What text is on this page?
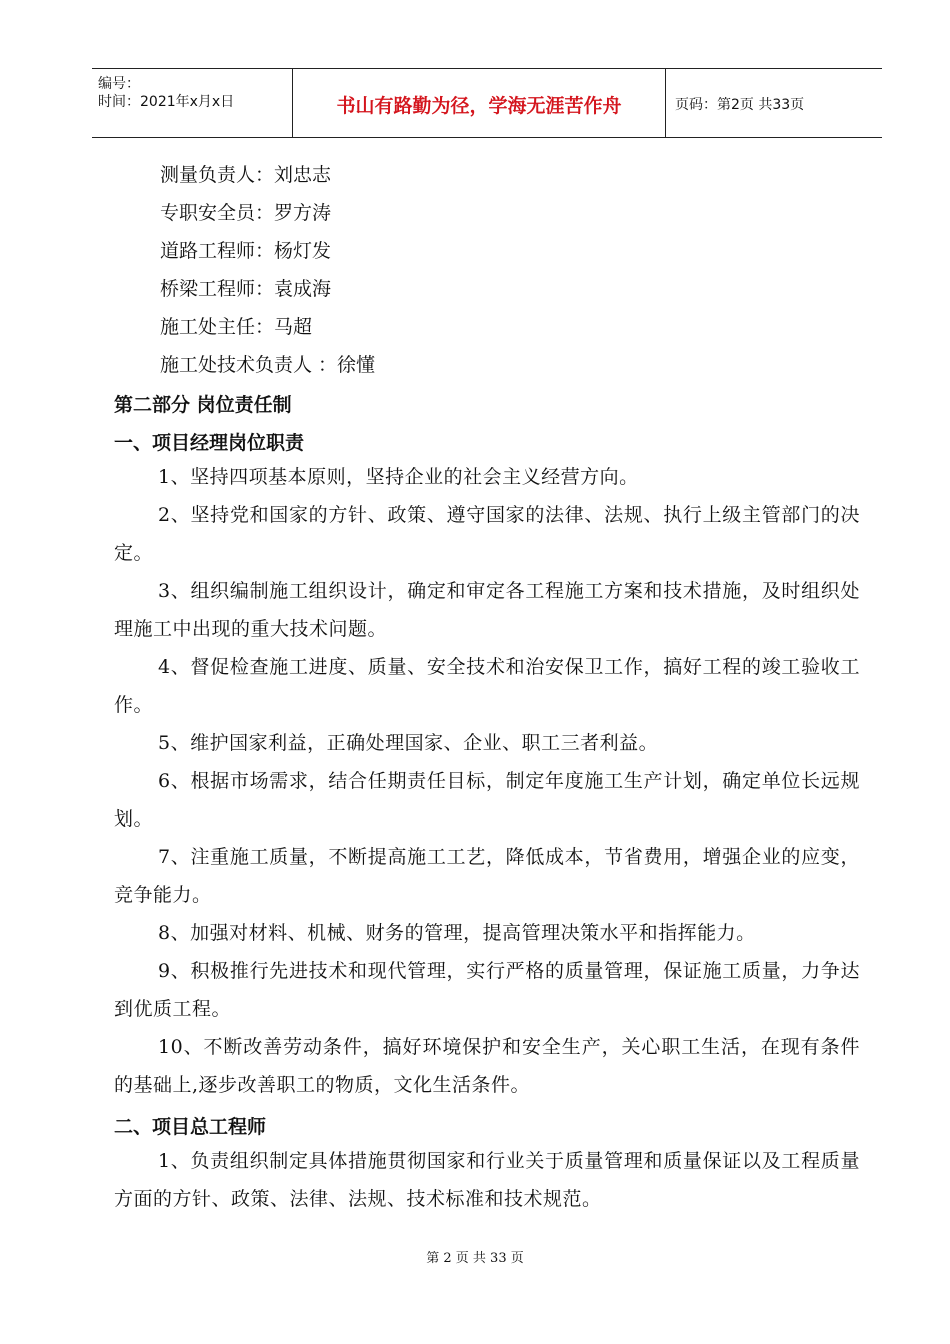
编号：
时间：2021年x月x日	书山有路勤为径，学海无涯苦作舟	页码：第2页 共33页
测量负责人：刘忠志
专职安全员：罗方涛
道路工程师：杨灯发
桥梁工程师：袁成海
施工处主任：马超
施工处技术负责人 ：徐懂
第二部分 岗位责任制
一、项目经理岗位职责
1、坚持四项基本原则，坚持企业的社会主义经营方向。
2、坚持党和国家的方针、政策、遵守国家的法律、法规、执行上级主管部门的决定。
3、组织编制施工组织设计，确定和审定各工程施工方案和技术措施，及时组织处理施工中出现的重大技术问题。
4、督促检查施工进度、质量、安全技术和治安保卫工作，搞好工程的竣工验收工作。
5、维护国家利益，正确处理国家、企业、职工三者利益。
6、根据市场需求，结合任期责任目标，制定年度施工生产计划，确定单位长远规划。
7、注重施工质量，不断提高施工工艺，降低成本，节省费用，增强企业的应变，竞争能力。
8、加强对材料、机械、财务的管理，提高管理决策水平和指挥能力。
9、积极推行先进技术和现代管理，实行严格的质量管理，保证施工质量，力争达到优质工程。
10、不断改善劳动条件，搞好环境保护和安全生产，关心职工生活，在现有条件的基础上,逐步改善职工的物质，文化生活条件。
二、项目总工程师
1、负责组织制定具体措施贯彻国家和行业关于质量管理和质量保证以及工程质量方面的方针、政策、法律、法规、技术标准和技术规范。
第 2 页 共 33 页
